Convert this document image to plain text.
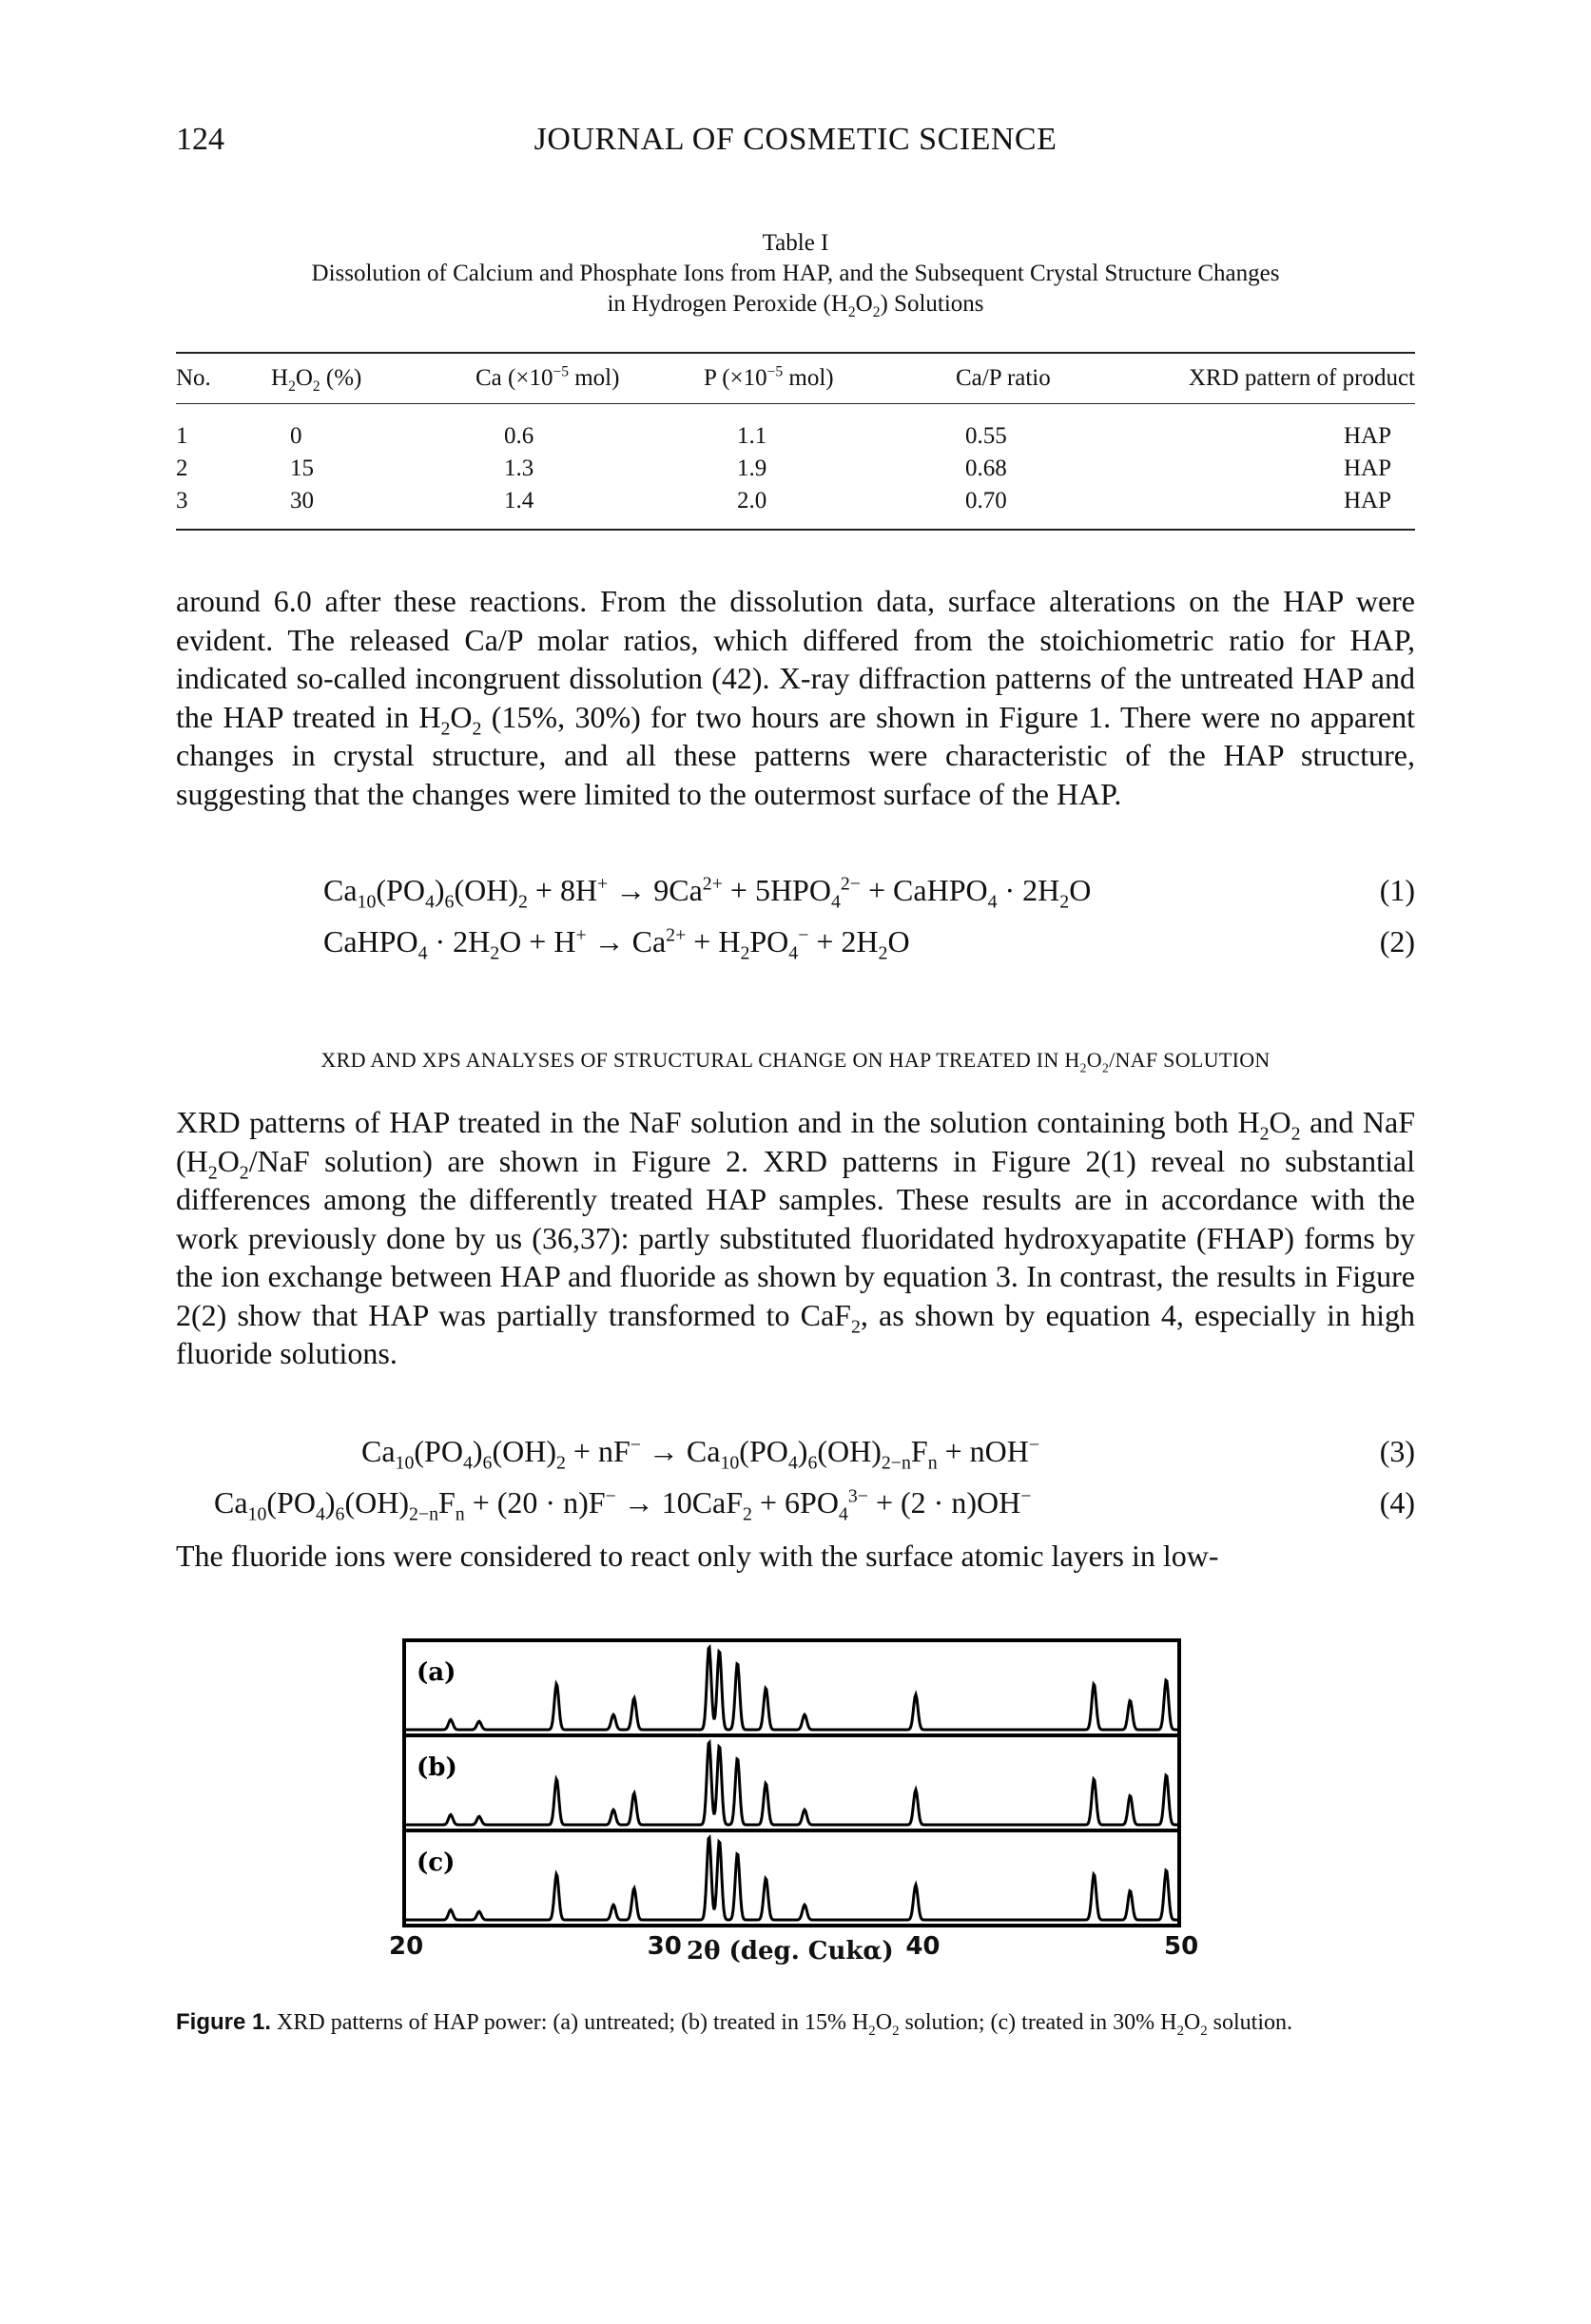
124	JOURNAL OF COSMETIC SCIENCE
Table I
Dissolution of Calcium and Phosphate Ions from HAP, and the Subsequent Crystal Structure Changes
in Hydrogen Peroxide $(H_2O_2)$ Solutions
No.	$H_2O_2$ (%)	Ca ($\times 10^{-5}$ mol)	P ($\times 10^{-5}$ mol)	Ca/P ratio	XRD pattern of product

1	0	0.6	1.1	0.55	HAP
2	15	1.3	1.9	0.68	HAP
3	30	1.4	2.0	0.70	HAP
around 6.0 after these reactions. From the dissolution data, surface alterations on the HAP were evident. The released Ca/P molar ratios, which differed from the stoichiometric ratio for HAP, indicated so-called incongruent dissolution (42). X-ray diffraction patterns of the untreated HAP and the HAP treated in $H_2O_2$ (15%, 30%) for two hours are shown in Figure 1. There were no apparent changes in crystal structure, and all these patterns were characteristic of the HAP structure, suggesting that the changes were limited to the outermost surface of the HAP.
$Ca_{10}(PO_4)_6(OH)_2 + 8H^+ \to 9Ca^{2+} + 5HPO_4^{2-}$ + CaHPO$_4$ · $2H_2O$	(1)
CaHPO$_4$ · $2H_2O + H^+ \to Ca^{2+} + H_2PO_4^- + 2H_2O$	(2)
XRD AND XPS ANALYSES OF STRUCTURAL CHANGE ON HAP TREATED IN $H_2O_2$/NAF SOLUTION
XRD patterns of HAP treated in the NaF solution and in the solution containing both $H_2O_2$ and NaF ($H_2O_2$/NaF solution) are shown in Figure 2. XRD patterns in Figure 2(1) reveal no substantial differences among the differently treated HAP samples. These results are in accordance with the work previously done by us (36,37): partly substituted fluoridated hydroxyapatite (FHAP) forms by the ion exchange between HAP and fluoride as shown by equation 3. In contrast, the results in Figure 2(2) show that HAP was partially transformed to CaF$_2$, as shown by equation 4, especially in high fluoride solutions.
$Ca_{10}(PO_4)_6(OH)_2 + nF^- \to Ca_{10}(PO_4)_6(OH)_{2-n}F_n + nOH^-$	(3)
$Ca_{10}(PO_4)_6(OH)_{2-n}F_n + (20 \cdot n)F^- \to 10CaF_2 + 6PO_4^{3-} + (2 \cdot n)OH^-$	(4)
The fluoride ions were considered to react only with the surface atomic layers in low-
(a)
(b)
(c)
20	30	40	50
2θ (deg. Cukα)
Figure 1. XRD patterns of HAP power: (a) untreated; (b) treated in 15% $H_2O_2$ solution; (c) treated in 30% $H_2O_2$ solution.
